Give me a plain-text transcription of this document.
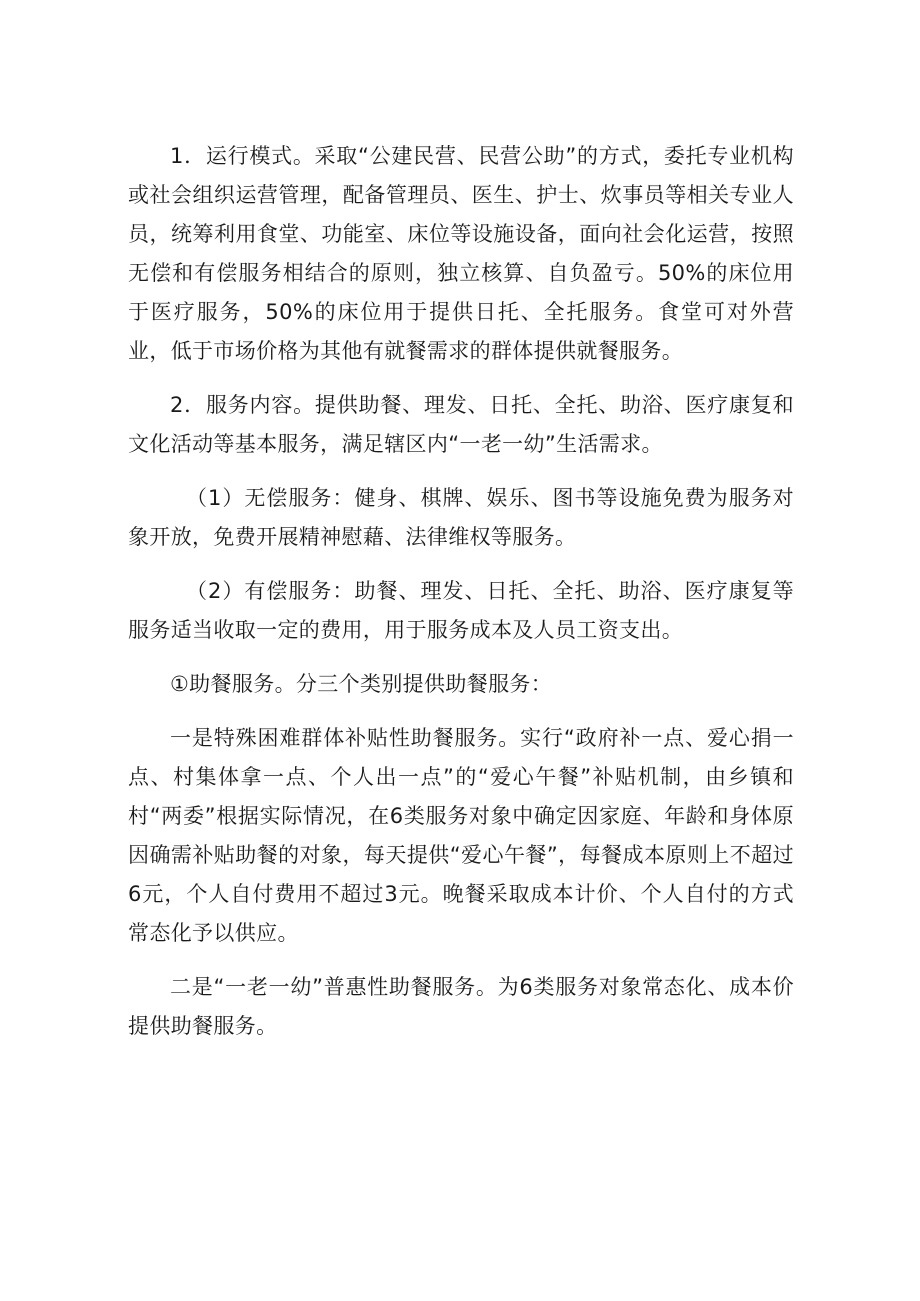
1．运行模式。采取“公建民营、民营公助”的方式，委托专业机构或社会组织运营管理，配备管理员、医生、护士、炊事员等相关专业人员，统筹利用食堂、功能室、床位等设施设备，面向社会化运营，按照无偿和有偿服务相结合的原则，独立核算、自负盈亏。50%的床位用于医疗服务，50%的床位用于提供日托、全托服务。食堂可对外营业，低于市场价格为其他有就餐需求的群体提供就餐服务。

2．服务内容。提供助餐、理发、日托、全托、助浴、医疗康复和文化活动等基本服务，满足辖区内“一老一幼”生活需求。

（1）无偿服务：健身、棋牌、娱乐、图书等设施免费为服务对象开放，免费开展精神慰藉、法律维权等服务。

（2）有偿服务：助餐、理发、日托、全托、助浴、医疗康复等服务适当收取一定的费用，用于服务成本及人员工资支出。

①助餐服务。分三个类别提供助餐服务：

一是特殊困难群体补贴性助餐服务。实行“政府补一点、爱心捐一点、村集体拿一点、个人出一点”的“爱心午餐”补贴机制，由乡镇和村“两委”根据实际情况，在6类服务对象中确定因家庭、年龄和身体原因确需补贴助餐的对象，每天提供“爱心午餐”，每餐成本原则上不超过6元，个人自付费用不超过3元。晚餐采取成本计价、个人自付的方式常态化予以供应。

二是“一老一幼”普惠性助餐服务。为6类服务对象常态化、成本价提供助餐服务。
